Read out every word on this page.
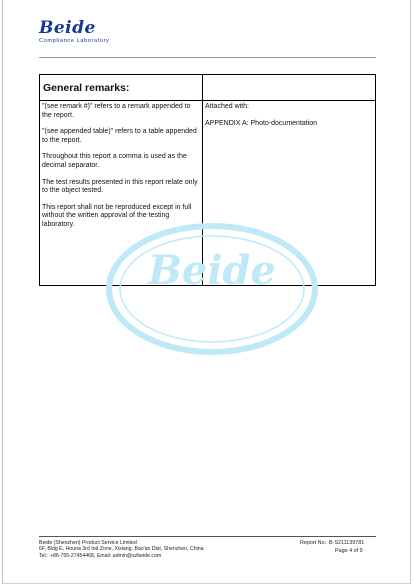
Beide
Compliance Laboratory
General remarks:

"(see remark #)" refers to a remark appended to the report.

"(see appended table)" refers to a table appended to the report.

Throughout this report a comma is used as the decimal separator.

The test results presented in this report relate only to the object tested.

This report shall not be reproduced except in full without the written approval of the testing laboratory.

Attached with:

APPENDIX A: Photo-documentation

Beide
Beide (Shenzhen) Product Service Limited
6F, Bldg E, Houna 3rd Ind Zone, Xixiang, Bao'an Dist, Shenzhen, China
Tel.: +86-755-27454468, Email: admin@szbeide.com
Report No.: B-S211139781
Page 4 of 9
